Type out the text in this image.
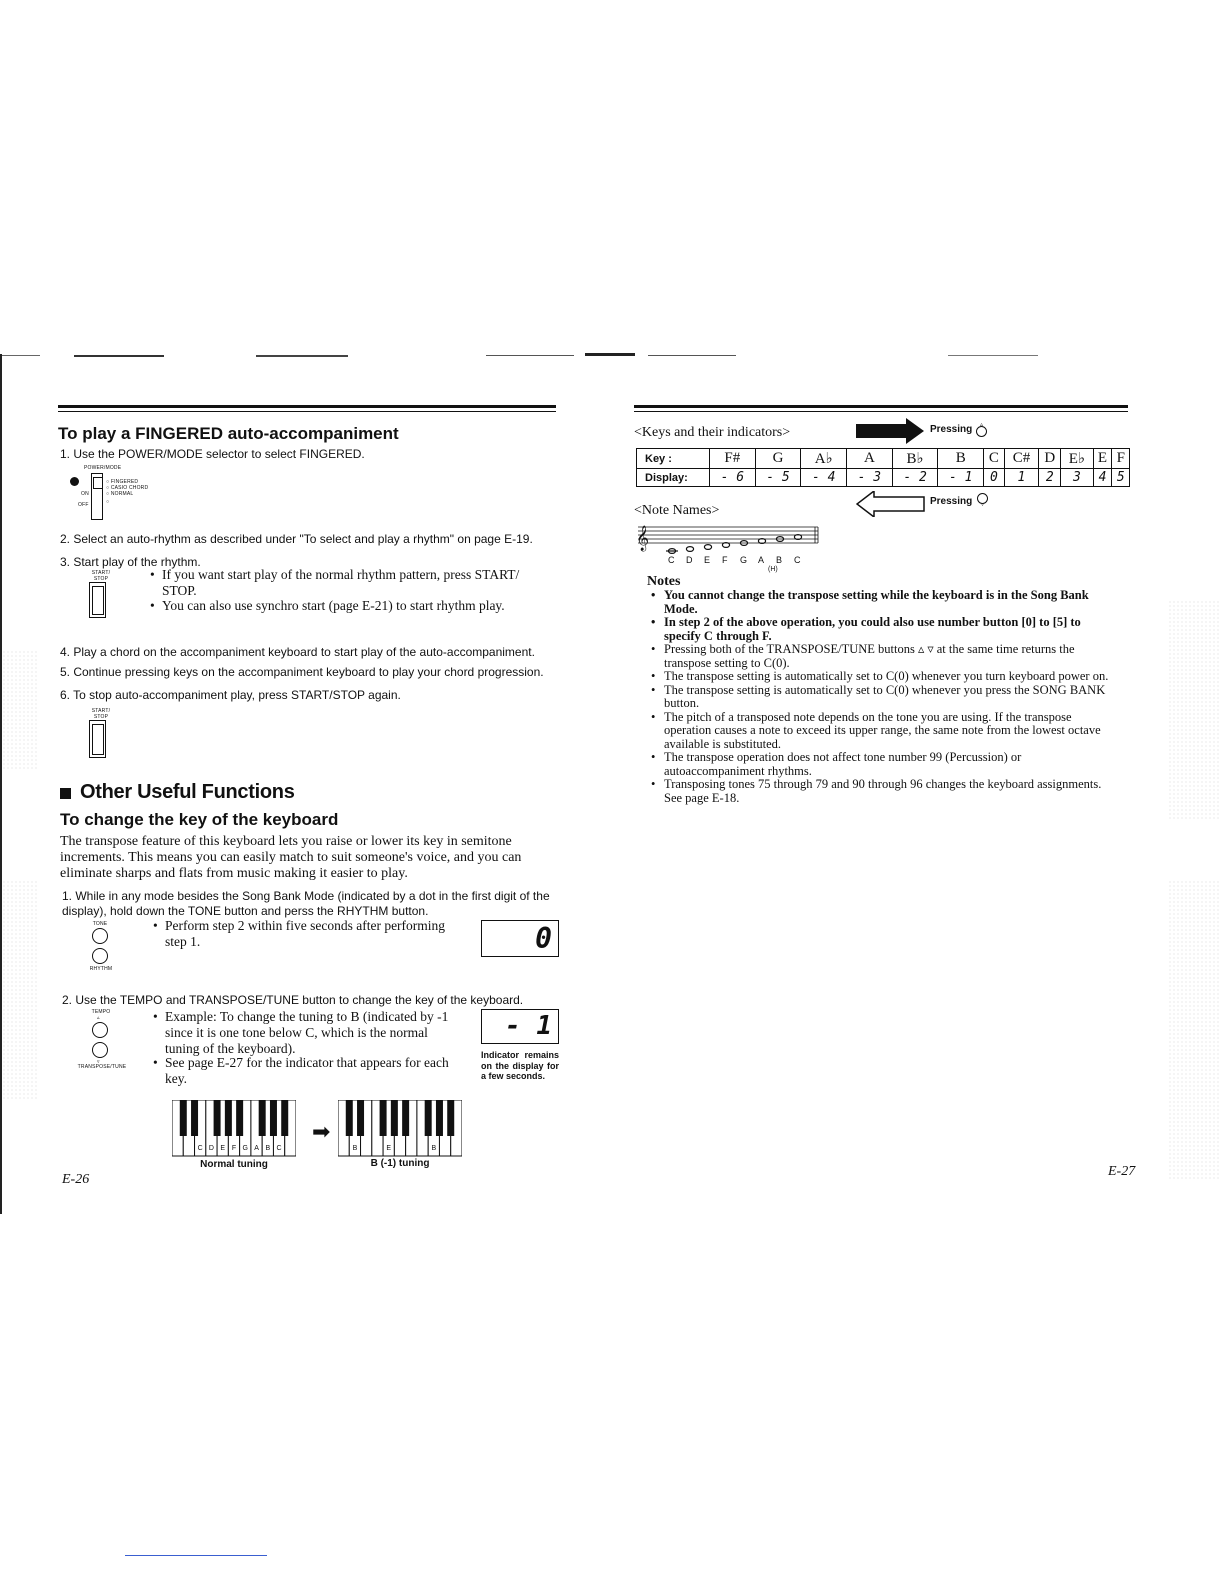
To play a FINGERED auto-accompaniment
1. Use the POWER/MODE selector to select FINGERED.
POWER/MODE
ON
OFF
○ FINGERED
○ CASIO CHORD
○ NORMAL
○
2. Select an auto-rhythm as described under "To select and play a rhythm" on page E-19.
3. Start play of the rhythm.
START/ STOP	• If you want start play of the normal rhythm pattern, press START/ STOP.
• You can also use synchro start (page E-21) to start rhythm play.
4. Play a chord on the accompaniment keyboard to start play of the auto-accompaniment.
5. Continue pressing keys on the accompaniment keyboard to play your chord progression.
6. To stop auto-accompaniment play, press START/STOP again.
START/ STOP
Other Useful Functions
To change the key of the keyboard
The transpose feature of this keyboard lets you raise or lower its key in semitone increments. This means you can easily match to suit someone's voice, and you can eliminate sharps and flats from music making it easier to play.
1. While in any mode besides the Song Bank Mode (indicated by a dot in the first digit of the display), hold down the TONE button and perss the RHYTHM button.
TONE
RHYTHM
• Perform step 2 within five seconds after performing step 1.	0
2. Use the TEMPO and TRANSPOSE/TUNE button to change the key of the keyboard.
TEMPO
▵
▿
TRANSPOSE/TUNE
• Example: To change the tuning to B (indicated by -1 since it is one tone below C, which is the normal tuning of the keyboard).
• See page E-27 for the indicator that appears for each key.
- 1
Indicator remains on the display for a few seconds.
C D E F G A B C
Normal tuning
➡
C D
B	E F G A	C
B
B (-1) tuning
E-26
<Keys and their indicators>	Pressing ▵
Key :	F#	G	A♭	A	B♭	B	C	C#	D	E♭	E	F
Display:	- 6	- 5	- 4	- 3	- 2	- 1	0	1	2	3	4	5
Pressing ▿
<Note Names>
𝄞
C D E F G A B C
(H)
Notes
• You cannot change the transpose setting while the keyboard is in the Song Bank Mode.
• In step 2 of the above operation, you could also use number button [0] to [5] to specify C through F.
• Pressing both of the TRANSPOSE/TUNE buttons ▵ ▿ at the same time returns the transpose setting to C(0).
• The transpose setting is automatically set to C(0) whenever you turn keyboard power on.
• The transpose setting is automatically set to C(0) whenever you press the SONG BANK button.
• The pitch of a transposed note depends on the tone you are using. If the transpose operation causes a note to exceed its upper range, the same note from the lowest octave available is substituted.
• The transpose operation does not affect tone number 99 (Percussion) or autoaccompaniment rhythms.
• Transposing tones 75 through 79 and 90 through 96 changes the keyboard assignments. See page E-18.
E-27
